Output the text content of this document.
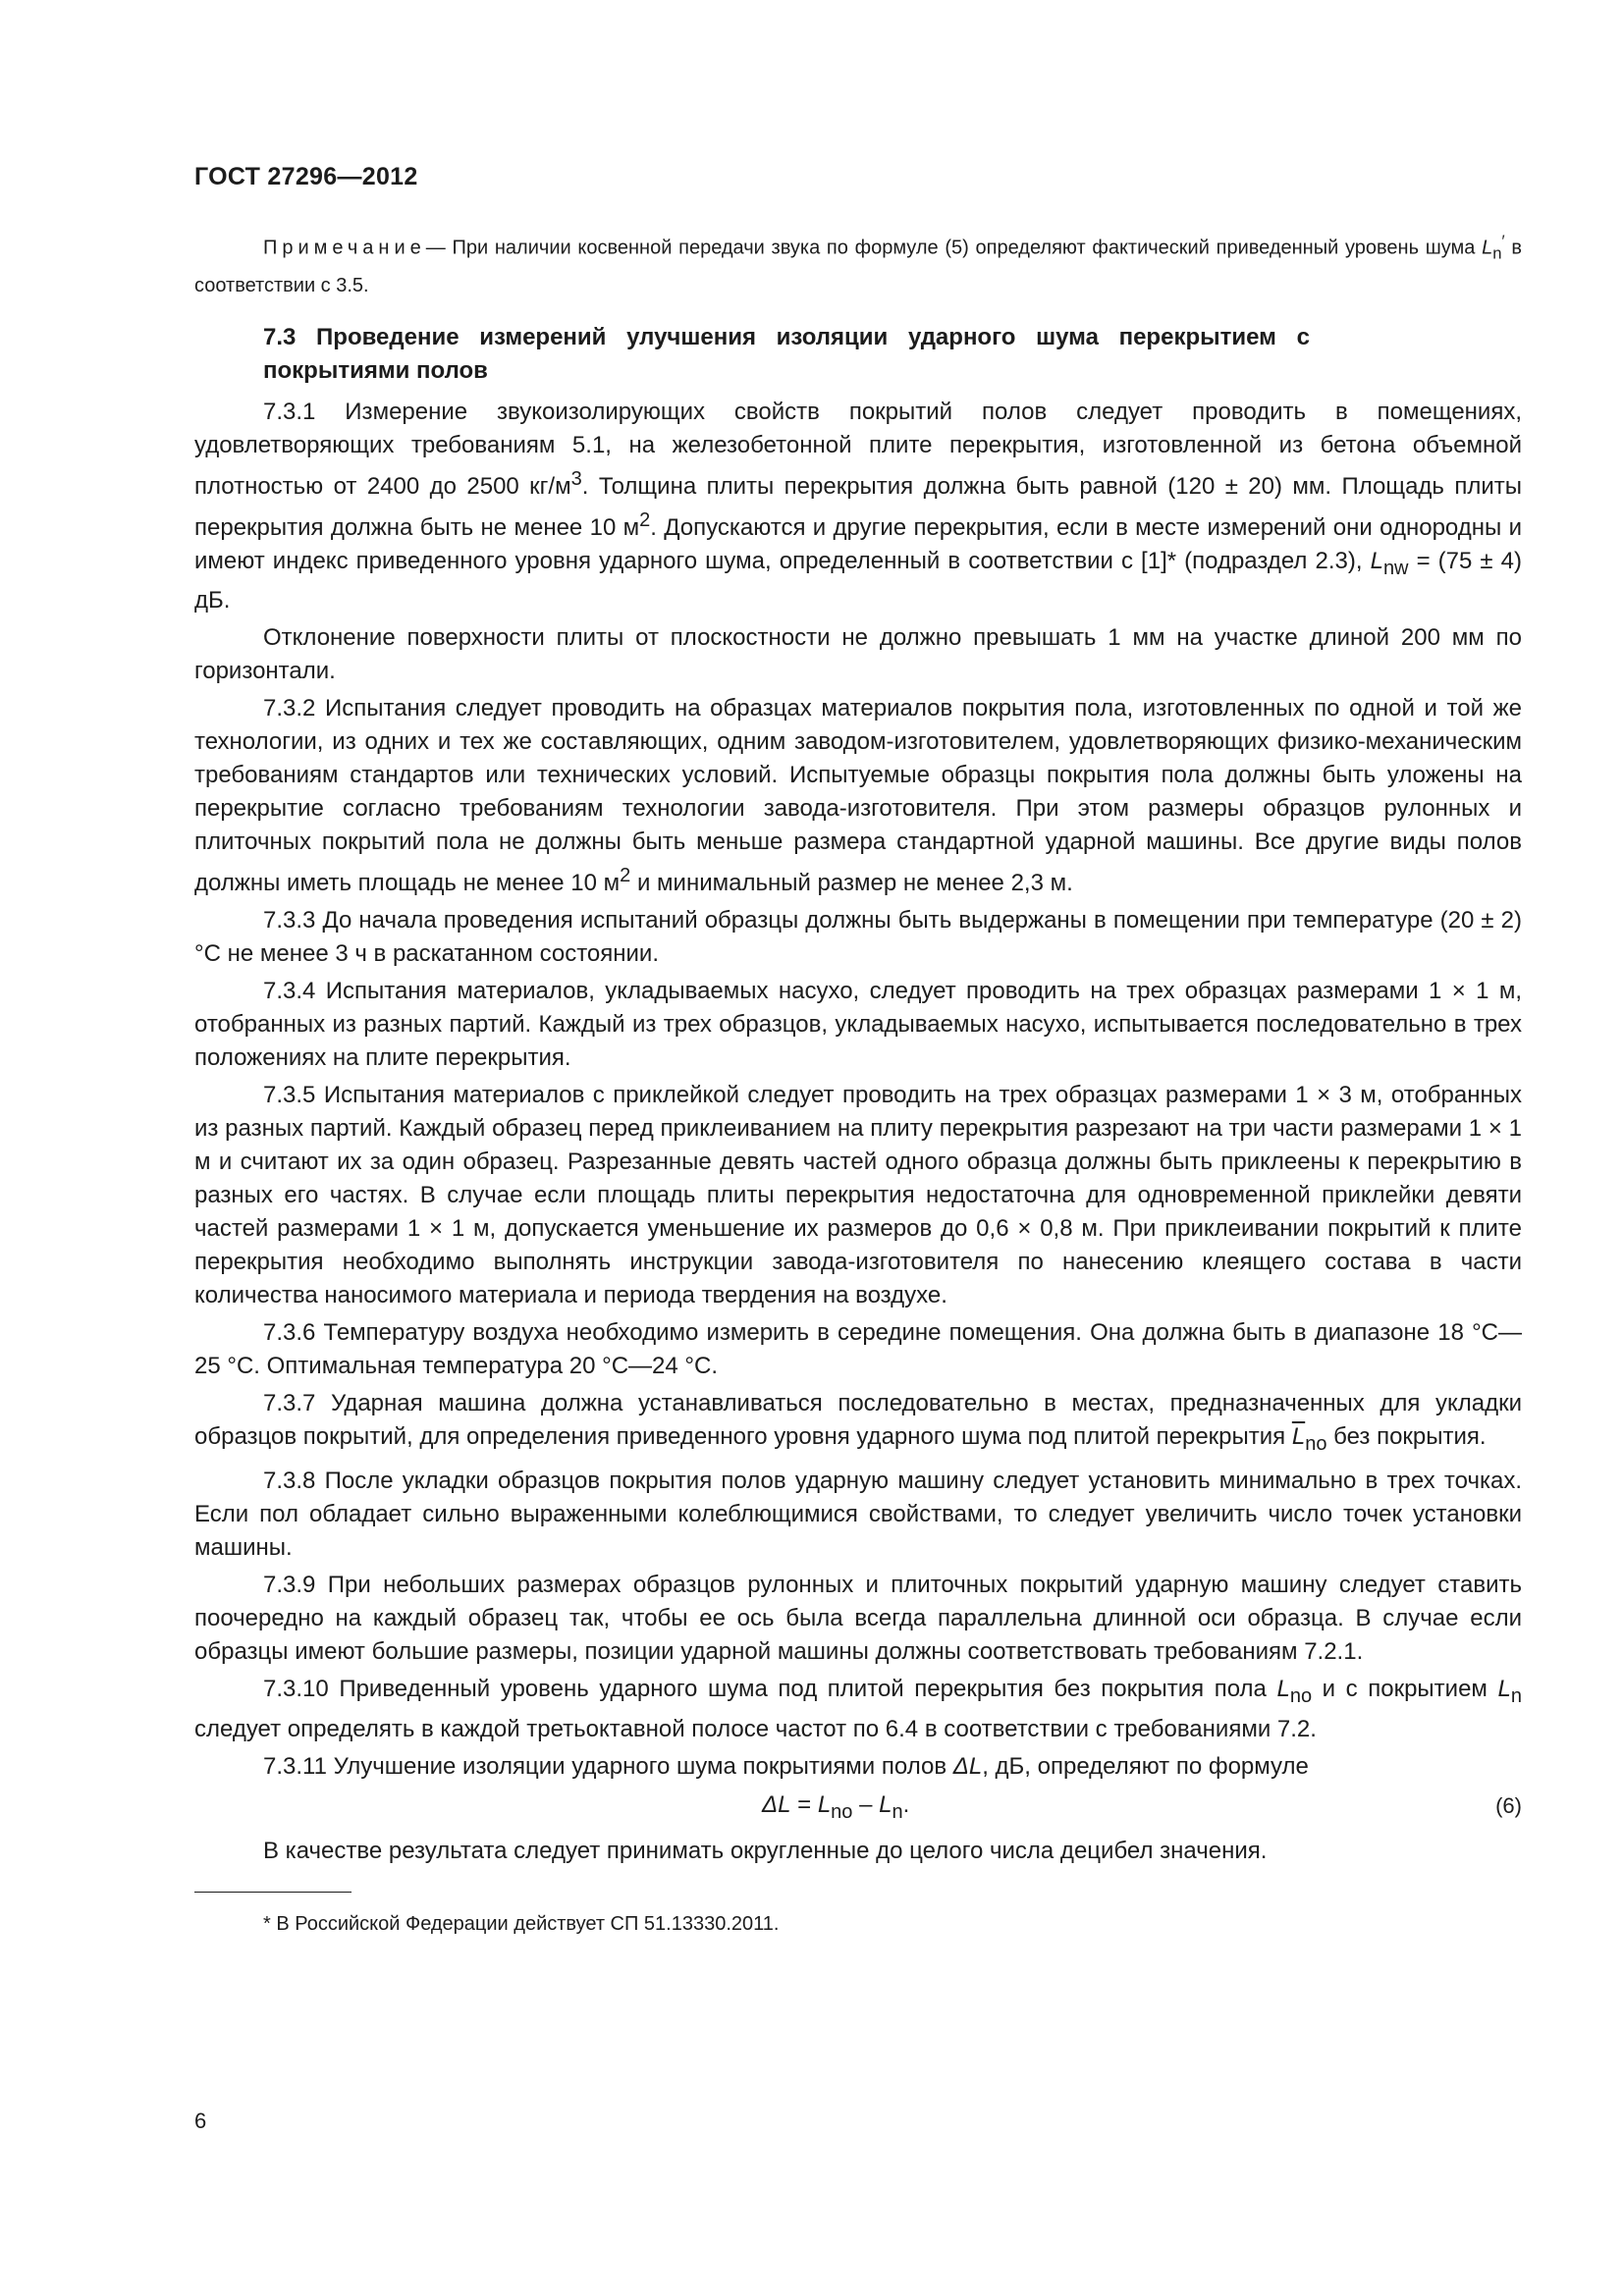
ГОСТ 27296—2012

Примечание— При наличии косвенной передачи звука по формуле (5) определяют фактический приведенный уровень шума $L_n'$ в соответствии с 3.5.

7.3 Проведение измерений улучшения изоляции ударного шума перекрытием с
покрытиями полов

7.3.1 Измерение звукоизолирующих свойств покрытий полов следует проводить в помещениях, удовлетворяющих требованиям 5.1, на железобетонной плите перекрытия, изготовленной из бетона объемной плотностью от 2400 до 2500 $кг/м^3$. Толщина плиты перекрытия должна быть равной (120 ± 20) мм. Площадь плиты перекрытия должна быть не менее 10 $м^2$. Допускаются и другие перекрытия, если в месте измерений они однородны и имеют индекс приведенного уровня ударного шума, определенный в соответствии с [1]* (подраздел 2.3), $L_{nw} = (75 \pm 4)$ дБ.

Отклонение поверхности плиты от плоскостности не должно превышать 1 мм на участке длиной 200 мм по горизонтали.

7.3.2 Испытания следует проводить на образцах материалов покрытия пола, изготовленных по одной и той же технологии, из одних и тех же составляющих, одним заводом-изготовителем, удовлетворяющих физико-механическим требованиям стандартов или технических условий. Испытуемые образцы покрытия пола должны быть уложены на перекрытие согласно требованиям технологии завода-изготовителя. При этом размеры образцов рулонных и плиточных покрытий пола не должны быть меньше размера стандартной ударной машины. Все другие виды полов должны иметь площадь не менее 10 $м^2$ и минимальный размер не менее 2,3 м.

7.3.3 До начала проведения испытаний образцы должны быть выдержаны в помещении при температуре (20 ± 2) °C не менее 3 ч в раскатанном состоянии.

7.3.4 Испытания материалов, укладываемых насухо, следует проводить на трех образцах размерами 1 × 1 м, отобранных из разных партий. Каждый из трех образцов, укладываемых насухо, испытывается последовательно в трех положениях на плите перекрытия.

7.3.5 Испытания материалов с приклейкой следует проводить на трех образцах размерами 1 × 3 м, отобранных из разных партий. Каждый образец перед приклеиванием на плиту перекрытия разрезают на три части размерами 1 × 1 м и считают их за один образец. Разрезанные девять частей одного образца должны быть приклеены к перекрытию в разных его частях. В случае если площадь плиты перекрытия недостаточна для одновременной приклейки девяти частей размерами 1 × 1 м, допускается уменьшение их размеров до 0,6 × 0,8 м. При приклеивании покрытий к плите перекрытия необходимо выполнять инструкции завода-изготовителя по нанесению клеящего состава в части количества наносимого материала и периода твердения на воздухе.

7.3.6 Температуру воздуха необходимо измерить в середине помещения. Она должна быть в диапазоне 18 °C—25 °C. Оптимальная температура 20 °C—24 °C.

7.3.7 Ударная машина должна устанавливаться последовательно в местах, предназначенных для укладки образцов покрытий, для определения приведенного уровня ударного шума под плитой перекрытия $\overline{L}_{no}$ без покрытия.

7.3.8 После укладки образцов покрытия полов ударную машину следует установить минимально в трех точках. Если пол обладает сильно выраженными колеблющимися свойствами, то следует увеличить число точек установки машины.

7.3.9 При небольших размерах образцов рулонных и плиточных покрытий ударную машину следует ставить поочередно на каждый образец так, чтобы ее ось была всегда параллельна длинной оси образца. В случае если образцы имеют большие размеры, позиции ударной машины должны соответствовать требованиям 7.2.1.

7.3.10 Приведенный уровень ударного шума под плитой перекрытия без покрытия пола $L_{no}$ и с покрытием $L_n$ следует определять в каждой третьоктавной полосе частот по 6.4 в соответствии с требованиями 7.2.

7.3.11 Улучшение изоляции ударного шума покрытиями полов ΔL, дБ, определяют по формуле

$\Delta L = L_{no} - L_n$.	(6)

В качестве результата следует принимать округленные до целого числа децибел значения.

* В Российской Федерации действует СП 51.13330.2011.
6
